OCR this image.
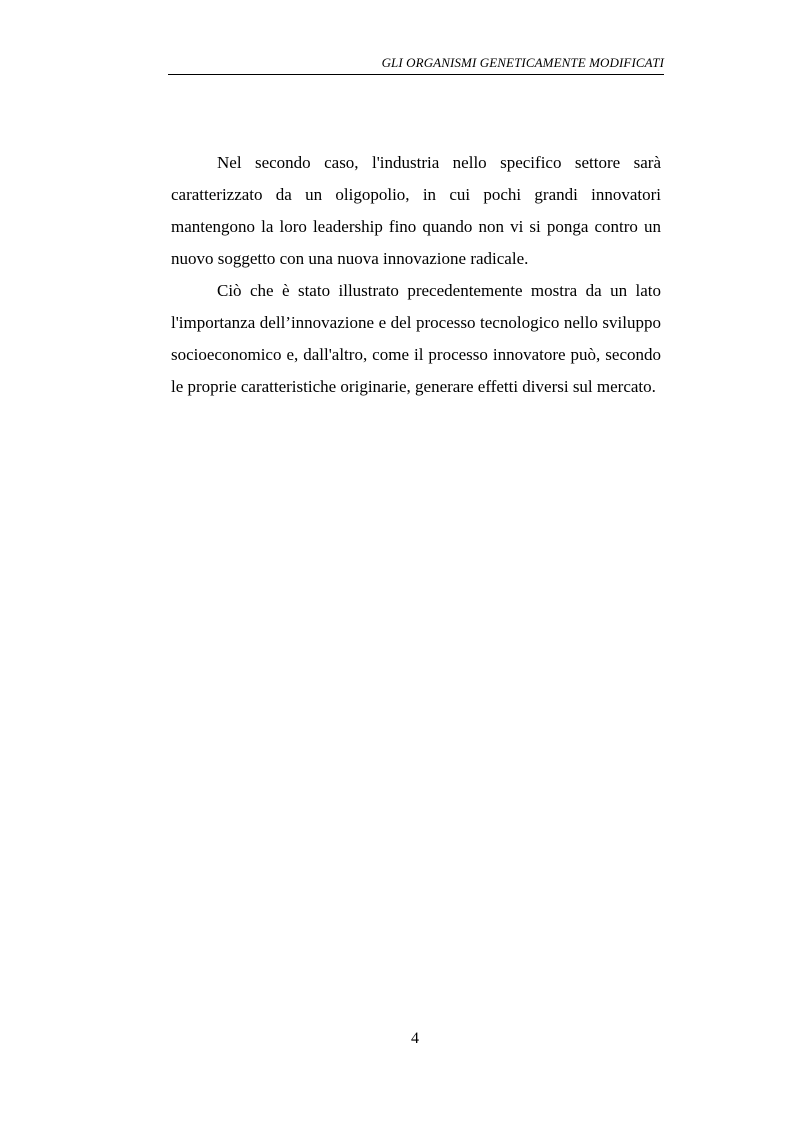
GLI ORGANISMI GENETICAMENTE MODIFICATI

Nel secondo caso, l'industria nello specifico settore sarà caratterizzato da un oligopolio, in cui pochi grandi innovatori mantengono la loro leadership fino quando non vi si ponga contro un nuovo soggetto con una nuova innovazione radicale.

Ciò che è stato illustrato precedentemente mostra da un lato l'importanza dell’innovazione e del processo tecnologico nello sviluppo socioeconomico e, dall'altro, come il processo innovatore può, secondo le proprie caratteristiche originarie, generare effetti diversi sul mercato.

4
